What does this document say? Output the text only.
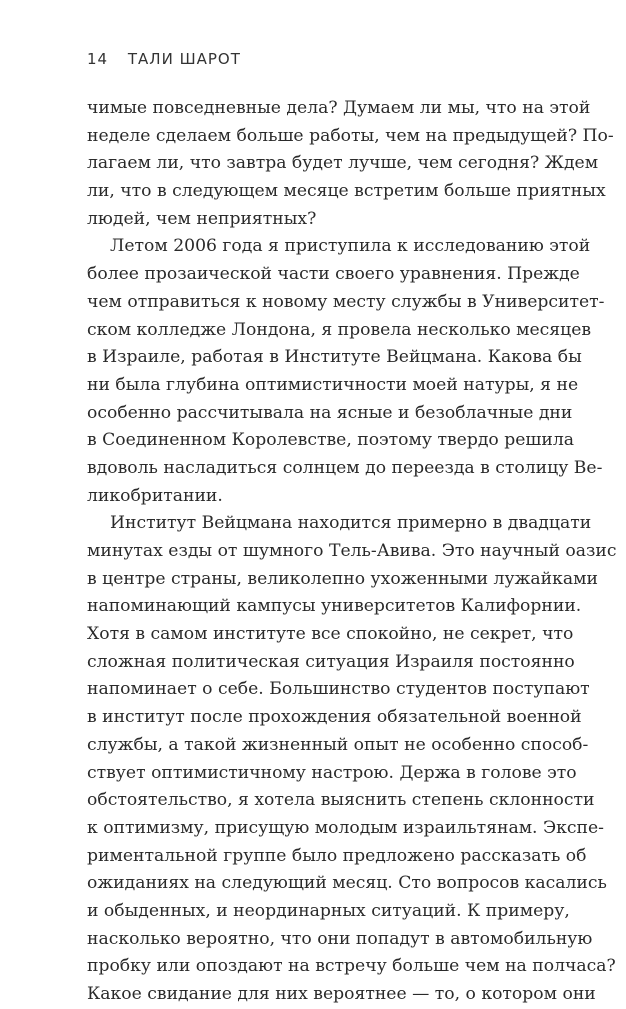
14 ТАЛИ ШАРОТ
чимые повседневные дела? Думаем ли мы, что на этой
неделе сделаем больше работы, чем на предыдущей? По-
лагаем ли, что завтра будет лучше, чем сегодня? Ждем
ли, что в следующем месяце встретим больше приятных
людей, чем неприятных?
Летом 2006 года я приступила к исследованию этой
более прозаической части своего уравнения. Прежде
чем отправиться к новому месту службы в Университет-
ском колледже Лондона, я провела несколько месяцев
в Израиле, работая в Институте Вейцмана. Какова бы
ни была глубина оптимистичности моей натуры, я не
особенно рассчитывала на ясные и безоблачные дни
в Соединенном Королевстве, поэтому твердо решила
вдоволь насладиться солнцем до переезда в столицу Ве-
ликобритании.
Институт Вейцмана находится примерно в двадцати
минутах езды от шумного Тель-Авива. Это научный оазис
в центре страны, великолепно ухоженными лужайками
напоминающий кампусы университетов Калифорнии.
Хотя в самом институте все спокойно, не секрет, что
сложная политическая ситуация Израиля постоянно
напоминает о себе. Большинство студентов поступают
в институт после прохождения обязательной военной
службы, а такой жизненный опыт не особенно способ-
ствует оптимистичному настрою. Держа в голове это
обстоятельство, я хотела выяснить степень склонности
к оптимизму, присущую молодым израильтянам. Экспе-
риментальной группе было предложено рассказать об
ожиданиях на следующий месяц. Сто вопросов касались
и обыденных, и неординарных ситуаций. К примеру,
насколько вероятно, что они попадут в автомобильную
пробку или опоздают на встречу больше чем на полчаса?
Какое свидание для них вероятнее — то, о котором они
